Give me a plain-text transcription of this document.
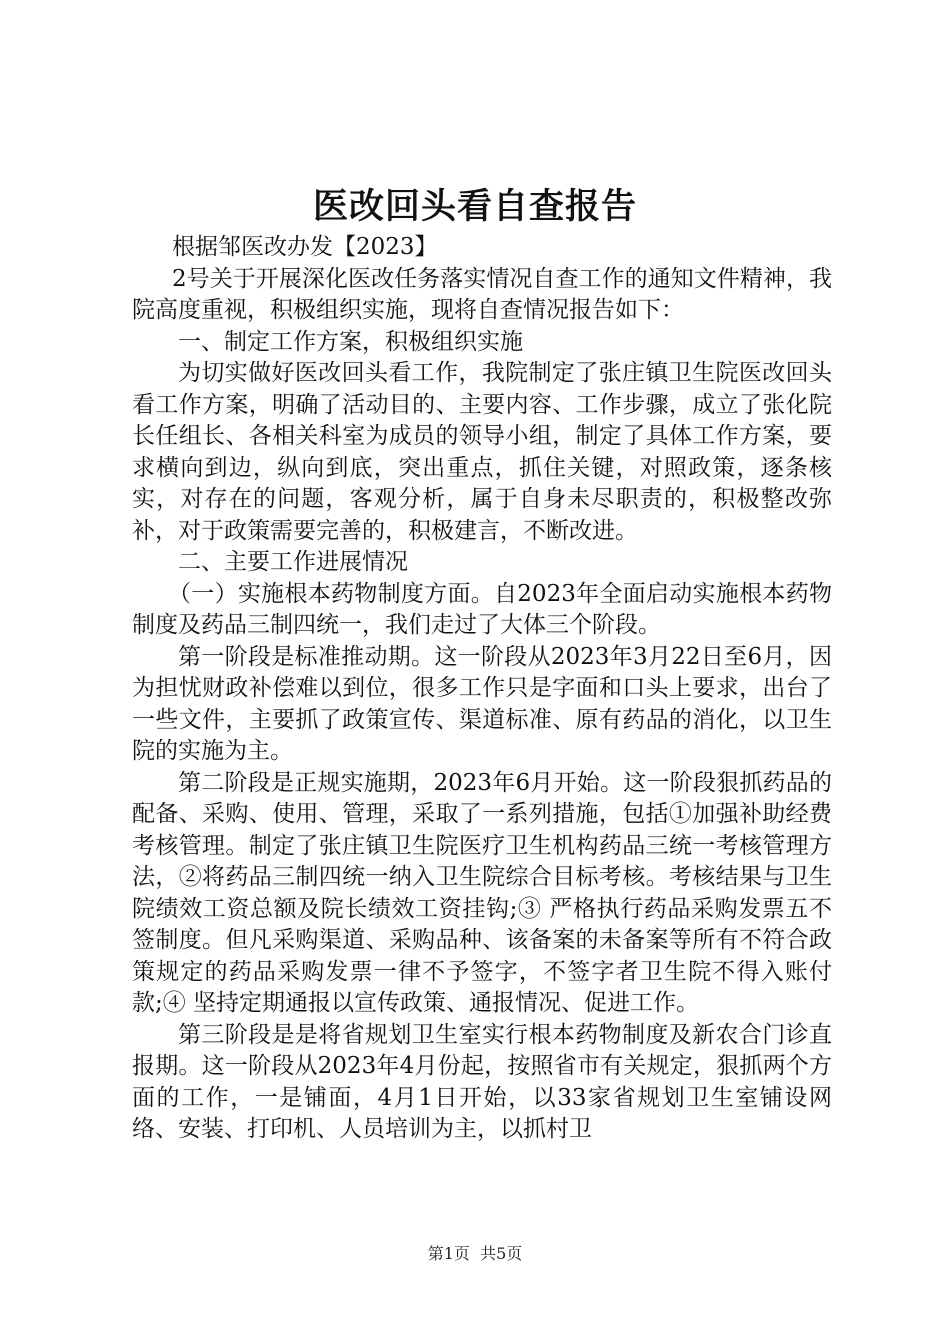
医改回头看自查报告

根据邹医改办发【2023】

2号关于开展深化医改任务落实情况自查工作的通知文件精神，我院高度重视，积极组织实施，现将自查情况报告如下：

一、制定工作方案，积极组织实施

为切实做好医改回头看工作，我院制定了张庄镇卫生院医改回头看工作方案，明确了活动目的、主要内容、工作步骤，成立了张化院长任组长、各相关科室为成员的领导小组，制定了具体工作方案，要求横向到边，纵向到底，突出重点，抓住关键，对照政策，逐条核实，对存在的问题，客观分析，属于自身未尽职责的，积极整改弥补，对于政策需要完善的，积极建言，不断改进。

二、主要工作进展情况

（一）实施根本药物制度方面。自2023年全面启动实施根本药物制度及药品三制四统一，我们走过了大体三个阶段。

第一阶段是标准推动期。这一阶段从2023年3月22日至6月，因为担忧财政补偿难以到位，很多工作只是字面和口头上要求，出台了一些文件，主要抓了政策宣传、渠道标准、原有药品的消化，以卫生院的实施为主。

第二阶段是正规实施期，2023年6月开始。这一阶段狠抓药品的配备、采购、使用、管理，采取了一系列措施，包括①加强补助经费考核管理。制定了张庄镇卫生院医疗卫生机构药品三统一考核管理方法，②将药品三制四统一纳入卫生院综合目标考核。考核结果与卫生院绩效工资总额及院长绩效工资挂钩;③ 严格执行药品采购发票五不签制度。但凡采购渠道、采购品种、该备案的未备案等所有不符合政策规定的药品采购发票一律不予签字，不签字者卫生院不得入账付款;④ 坚持定期通报以宣传政策、通报情况、促进工作。

第三阶段是是将省规划卫生室实行根本药物制度及新农合门诊直报期。这一阶段从2023年4月份起，按照省市有关规定，狠抓两个方面的工作，一是铺面，4月1日开始，以33家省规划卫生室铺设网络、安装、打印机、人员培训为主，以抓村卫

第1页 共5页
